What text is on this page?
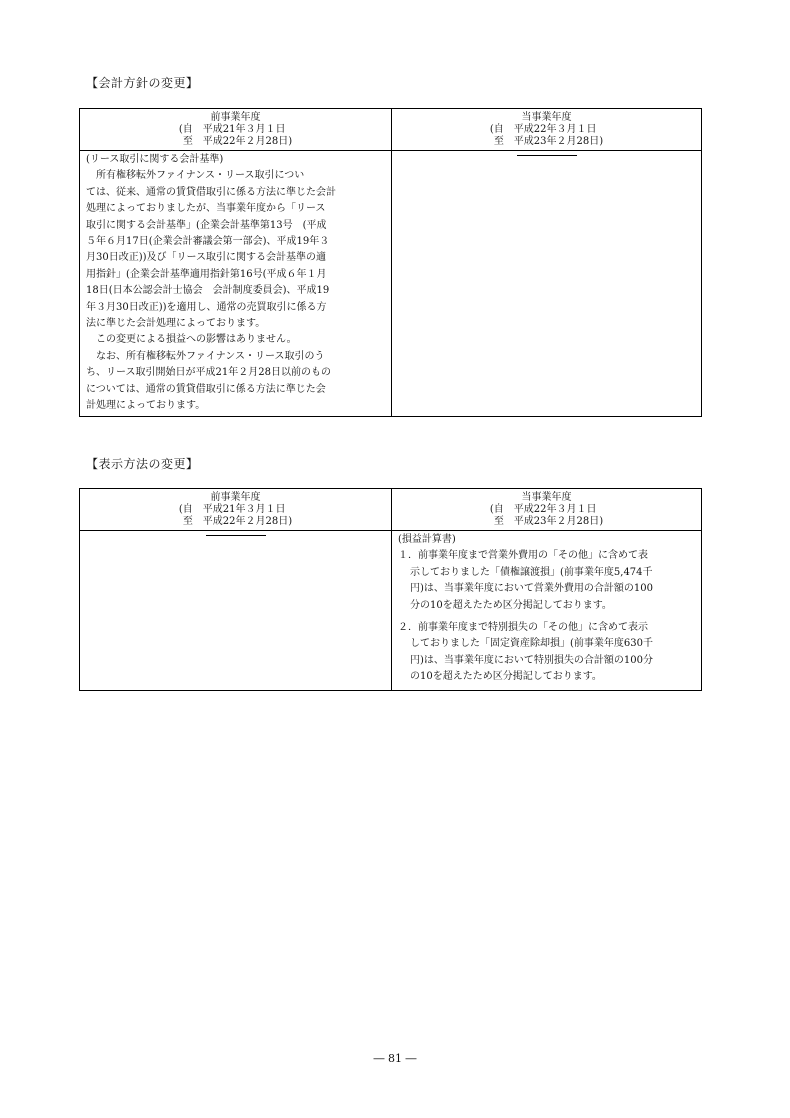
【会計方針の変更】
前事業年度
(自　平成21年３月１日
至　平成22年２月28日)
当事業年度
(自　平成22年３月１日
至　平成23年２月28日)
(リース取引に関する会計基準)
所有権移転外ファイナンス・リース取引につい
ては、従来、通常の賃貸借取引に係る方法に準じた会計
処理によっておりましたが、当事業年度から「リース
取引に関する会計基準」(企業会計基準第13号　(平成
５年６月17日(企業会計審議会第一部会)、平成19年３
月30日改正))及び「リース取引に関する会計基準の適
用指針」(企業会計基準適用指針第16号(平成６年１月
18日(日本公認会計士協会　会計制度委員会)、平成19
年３月30日改正))を適用し、通常の売買取引に係る方
法に準じた会計処理によっております。
この変更による損益への影響はありません。
なお、所有権移転外ファイナンス・リース取引のう
ち、リース取引開始日が平成21年２月28日以前のもの
については、通常の賃貸借取引に係る方法に準じた会
計処理によっております。
【表示方法の変更】
前事業年度
(自　平成21年３月１日
至　平成22年２月28日)
当事業年度
(自　平成22年３月１日
至　平成23年２月28日)
(損益計算書)
１．前事業年度まで営業外費用の「その他」に含めて表
示しておりました「債権譲渡損」(前事業年度5,474千
円)は、当事業年度において営業外費用の合計額の100
分の10を超えたため区分掲記しております。
２．前事業年度まで特別損失の「その他」に含めて表示
しておりました「固定資産除却損」(前事業年度630千
円)は、当事業年度において特別損失の合計額の100分
の10を超えたため区分掲記しております。
― 81 ―
